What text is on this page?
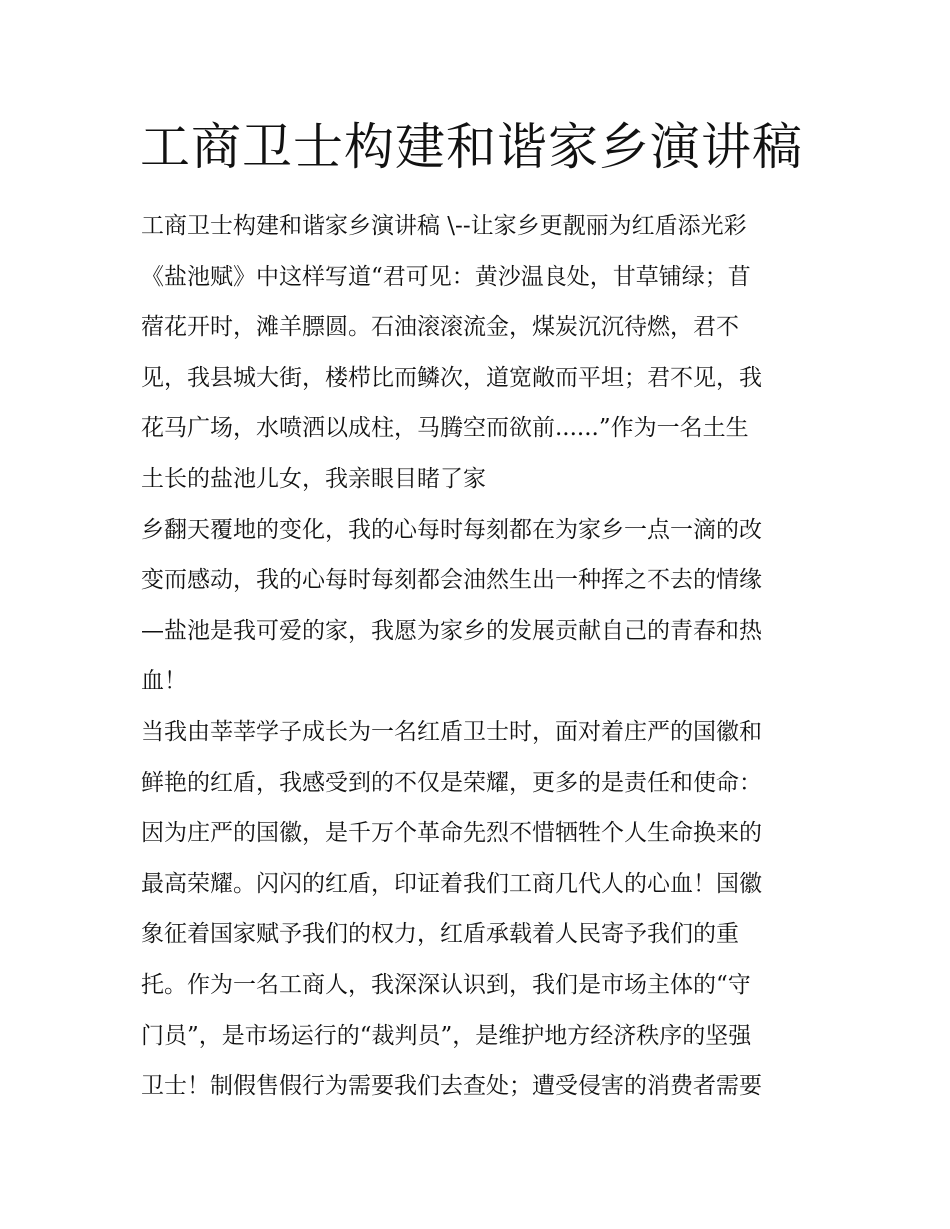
工商卫士构建和谐家乡演讲稿
工商卫士构建和谐家乡演讲稿 \--让家乡更靓丽为红盾添光彩
《盐池赋》中这样写道“君可见：黄沙温良处，甘草铺绿；苜
蓿花开时，滩羊膘圆。石油滚滚流金，煤炭沉沉待燃，君不
见，我县城大街，楼栉比而鳞次，道宽敞而平坦；君不见，我
花马广场，水喷洒以成柱，马腾空而欲前......”作为一名土生
土长的盐池儿女，我亲眼目睹了家
乡翻天覆地的变化，我的心每时每刻都在为家乡一点一滴的改
变而感动，我的心每时每刻都会油然生出一种挥之不去的情缘
—盐池是我可爱的家，我愿为家乡的发展贡献自己的青春和热
血！
当我由莘莘学子成长为一名红盾卫士时，面对着庄严的国徽和
鲜艳的红盾，我感受到的不仅是荣耀，更多的是责任和使命：
因为庄严的国徽，是千万个革命先烈不惜牺牲个人生命换来的
最高荣耀。闪闪的红盾，印证着我们工商几代人的心血！国徽
象征着国家赋予我们的权力，红盾承载着人民寄予我们的重
托。作为一名工商人，我深深认识到，我们是市场主体的“守
门员”，是市场运行的“裁判员”，是维护地方经济秩序的坚强
卫士！制假售假行为需要我们去查处；遭受侵害的消费者需要
